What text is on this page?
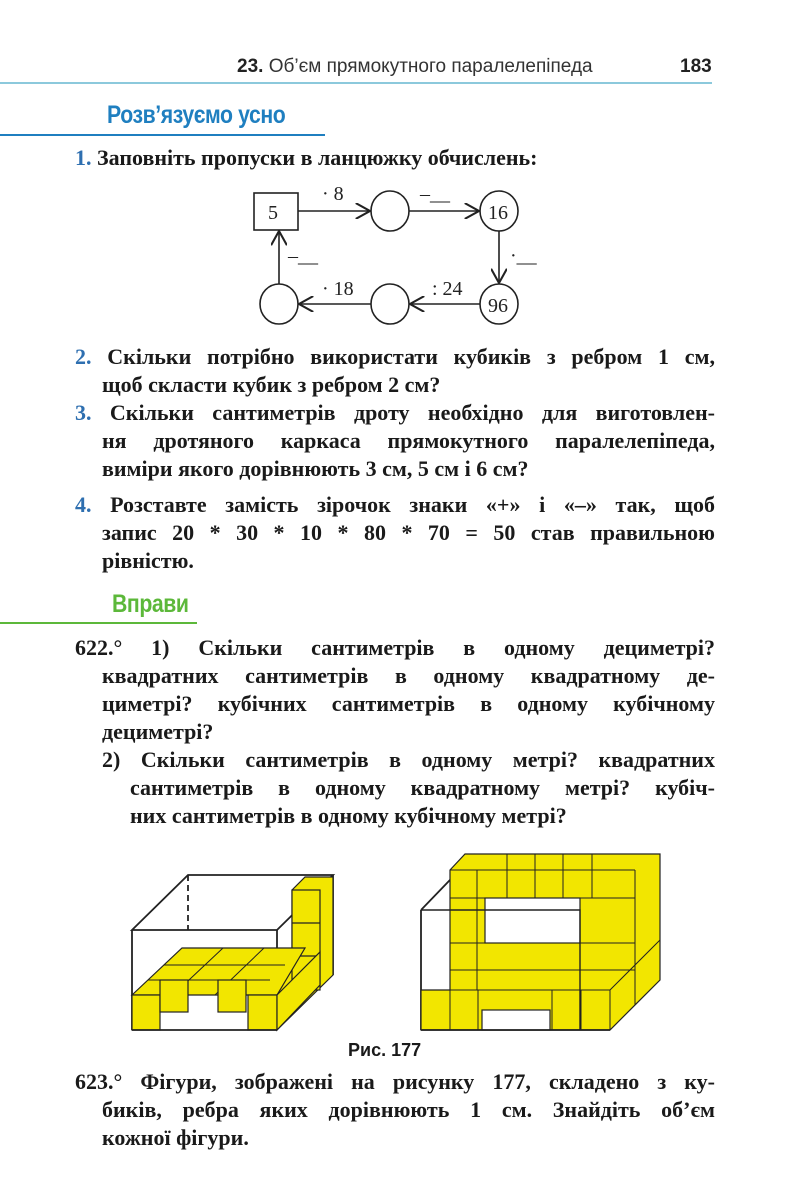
23. Об’єм прямокутного паралелепіпеда	183
Розв’язуємо усно
1. Заповніть пропуски в ланцюжку обчислень:
5	16
96
· 8	–__
·__
: 24
· 18
–__
2. Скільки потрібно використати кубиків з ребром 1 см,
щоб скласти кубик з ребром 2 см?
3. Скільки сантиметрів дроту необхідно для виготовлен-
ня дротяного каркаса прямокутного паралелепіпеда,
виміри якого дорівнюють 3 см, 5 см і 6 см?
4. Розставте замість зірочок знаки «+» і «–» так, щоб
запис 20 * 30 * 10 * 80 * 70 = 50 став правильною
рівністю.
Вправи
622.° 1) Скільки сантиметрів в одному дециметрі?
квадратних сантиметрів в одному квадратному де-
циметрі? кубічних сантиметрів в одному кубічному
дециметрі?
2) Скільки сантиметрів в одному метрі? квадратних
сантиметрів в одному квадратному метрі? кубіч-
них сантиметрів в одному кубічному метрі?
Рис. 177
623.° Фігури, зображені на рисунку 177, складено з ку-
биків, ребра яких дорівнюють 1 см. Знайдіть об’єм
кожної фігури.
